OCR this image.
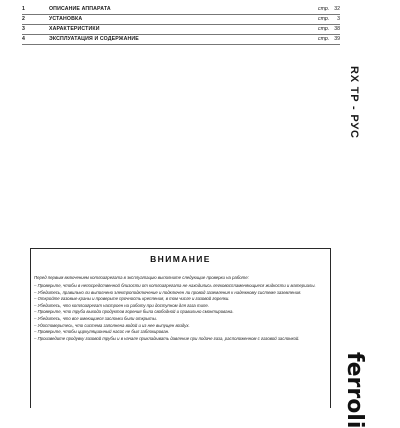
1	ОПИСАНИЕ АППАРАТА	стр. 32
2	УСТАНОВКА	стр.	3
3	ХАРАКТЕРИСТИКИ	стр. 38
4	ЭКСПЛУАТАЦИЯ И СОДЕРЖАНИЕ	стр. 39
RX TP - РУС
ВНИМАНИЕ
Перед первым включением котлоагрегата в эксплуатацию выполните следующие проверки на работе:
– Проверьте, чтобы в непосредственной близости от котлоагрегата не находились легковоспламеняющиеся жидкости и материалы.
– Убедитесь, правильно ли выполнено электроподключение и подключен ли провод заземления к надежному системе заземления.
– Откройте газовые краны и проверьте прочность крепления, в том числе и газовой горелки.
– Убедитесь, что котлоагрегат настроен на работу при доступном для газа типе.
– Проверьте, что труба выхода продуктов горения была свободной и правильно смонтирована.
– Убедитесь, что все имеющиеся заслонки были открыты.
– Удостоверьтесь, что система заполнена водой и из нее выпущен воздух.
– Проверьте, чтобы циркуляционный насос не был заблокирован.
– Произведите продувку газовой трубы и в начале прикладывать давление при подаче газа, расположенном с газовой заслонкой.
ferroli
